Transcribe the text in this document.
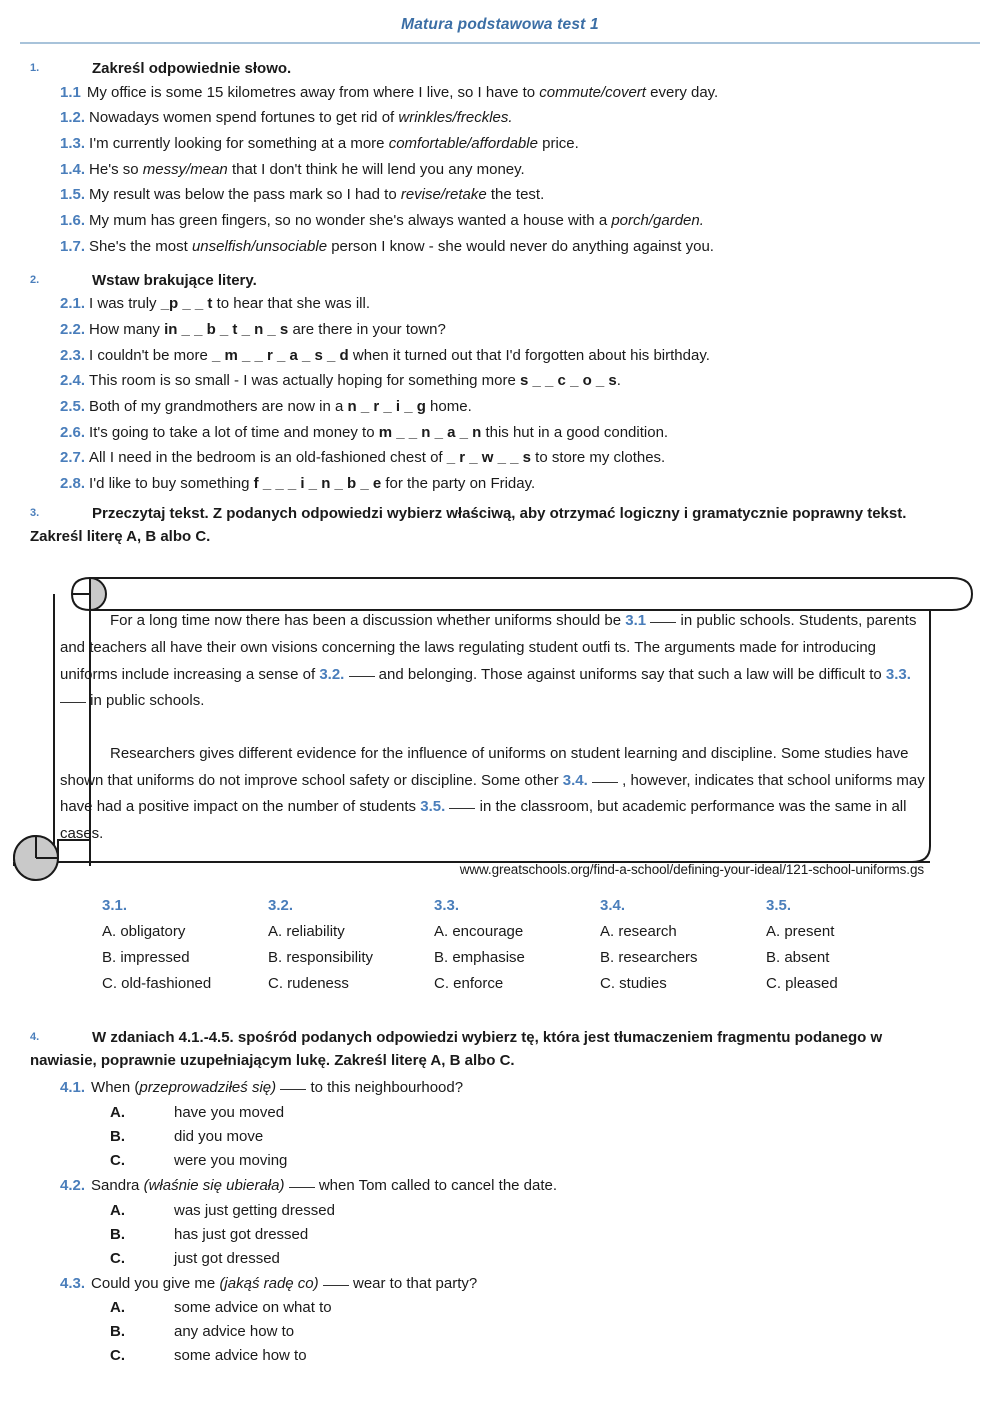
Matura podstawowa test 1
1.	Zakreśl odpowiednie słowo.
1.1 My office is some 15 kilometres away from where I live, so I have to commute/covert every day.
1.2. Nowadays women spend fortunes to get rid of wrinkles/freckles.
1.3. I'm currently looking for something at a more comfortable/affordable price.
1.4. He's so messy/mean that I don't think he will lend you any money.
1.5. My result was below the pass mark so I had to revise/retake the test.
1.6. My mum has green fingers, so no wonder she's always wanted a house with a porch/garden.
1.7. She's the most unselfish/unsociable person I know - she would never do anything against you.
2.	Wstaw brakujące litery.
2.1. I was truly _p _ _ t to hear that she was ill.
2.2. How many in _ _ b _ t _ n _ s are there in your town?
2.3. I couldn't be more _ m _ _ r _ a _ s _ d when it turned out that I'd forgotten about his birthday.
2.4. This room is so small - I was actually hoping for something more s _ _ c _ o _ s.
2.5. Both of my grandmothers are now in a n _ r _ i _ g home.
2.6. It's going to take a lot of time and money to m _ _ n _ a _ n this hut in a good condition.
2.7. All I need in the bedroom is an old-fashioned chest of _ r _ w _ _ s to store my clothes.
2.8. I'd like to buy something f _ _ _ i _ n _ b _ e for the party on Friday.
3.	Przeczytaj tekst. Z podanych odpowiedzi wybierz właściwą, aby otrzymać logiczny i gramatycznie poprawny tekst.
Zakreśl literę A, B albo C.

For a long time now there has been a discussion whether uniforms should be 3.1  in public schools. Students, parents and teachers all have their own visions concerning the laws regulating student outfi ts. The arguments made for introducing uniforms include increasing a sense of 3.2.  and belonging. Those against uniforms say that such a law will be difficult to 3.3.  in public schools.

Researchers gives different evidence for the influence of uniforms on student learning and discipline. Some studies have shown that uniforms do not improve school safety or discipline. Some other 3.4.  , however, indicates that school uniforms may have had a positive impact on the number of students 3.5.  in the classroom, but academic performance was the same in all cases.

www.greatschools.org/find-a-school/defining-your-ideal/121-school-uniforms.gs
3.1.
A. obligatory
B. impressed
C. old-fashioned
3.2.
A. reliability
B. responsibility
C. rudeness
3.3.
A. encourage
B. emphasise
C. enforce
3.4.
A. research
B. researchers
C. studies
3.5.
A. present
B. absent
C. pleased
4.	W zdaniach 4.1.-4.5. spośród podanych odpowiedzi wybierz tę, która jest tłumaczeniem fragmentu podanego w
nawiasie, poprawnie uzupełniającym lukę. Zakreśl literę A, B albo C.
4.1. When (przeprowadziłeś się)  to this neighbourhood?
A.	have you moved
B.	did you move
C.	were you moving
4.2. Sandra (właśnie się ubierała)  when Tom called to cancel the date.
A.	was just getting dressed
B.	has just got dressed
C.	just got dressed
4.3. Could you give me (jakąś radę co)  wear to that party?
A.	some advice on what to
B.	any advice how to
C.	some advice how to
